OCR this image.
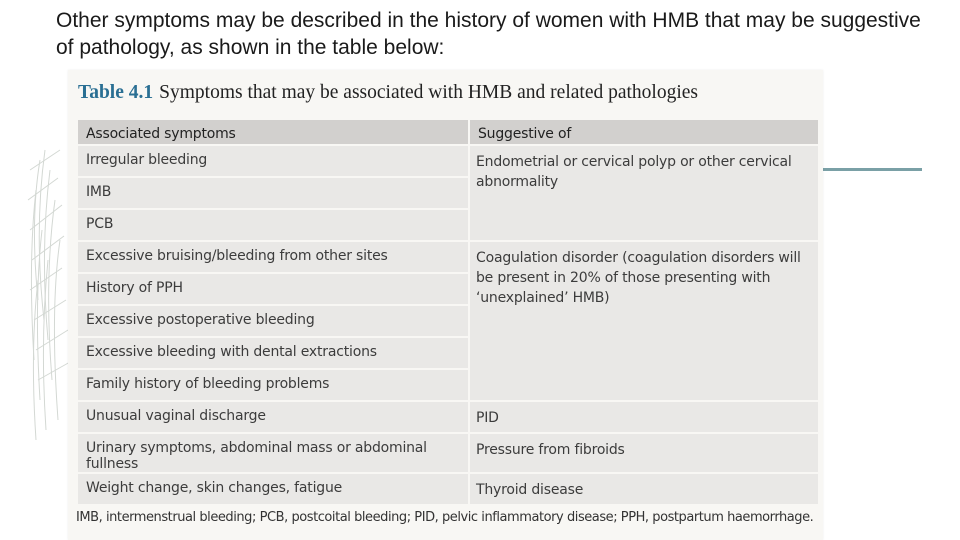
Other symptoms may be described in the history of women with HMB that may be suggestive of pathology, as shown in the table below:
Table 4.1 Symptoms that may be associated with HMB and related pathologies
Associated symptoms	Suggestive of
Irregular bleeding	Endometrial or cervical polyp or other cervical abnormality
IMB	
PCB	
Excessive bruising/bleeding from other sites	Coagulation disorder (coagulation disorders will be present in 20% of those presenting with ‘unexplained’ HMB)
History of PPH	
Excessive postoperative bleeding	
Excessive bleeding with dental extractions	
Family history of bleeding problems	
Unusual vaginal discharge	PID
Urinary symptoms, abdominal mass or abdominal fullness	Pressure from fibroids
Weight change, skin changes, fatigue	Thyroid disease
IMB, intermenstrual bleeding; PCB, postcoital bleeding; PID, pelvic inflammatory disease; PPH, postpartum haemorrhage.
